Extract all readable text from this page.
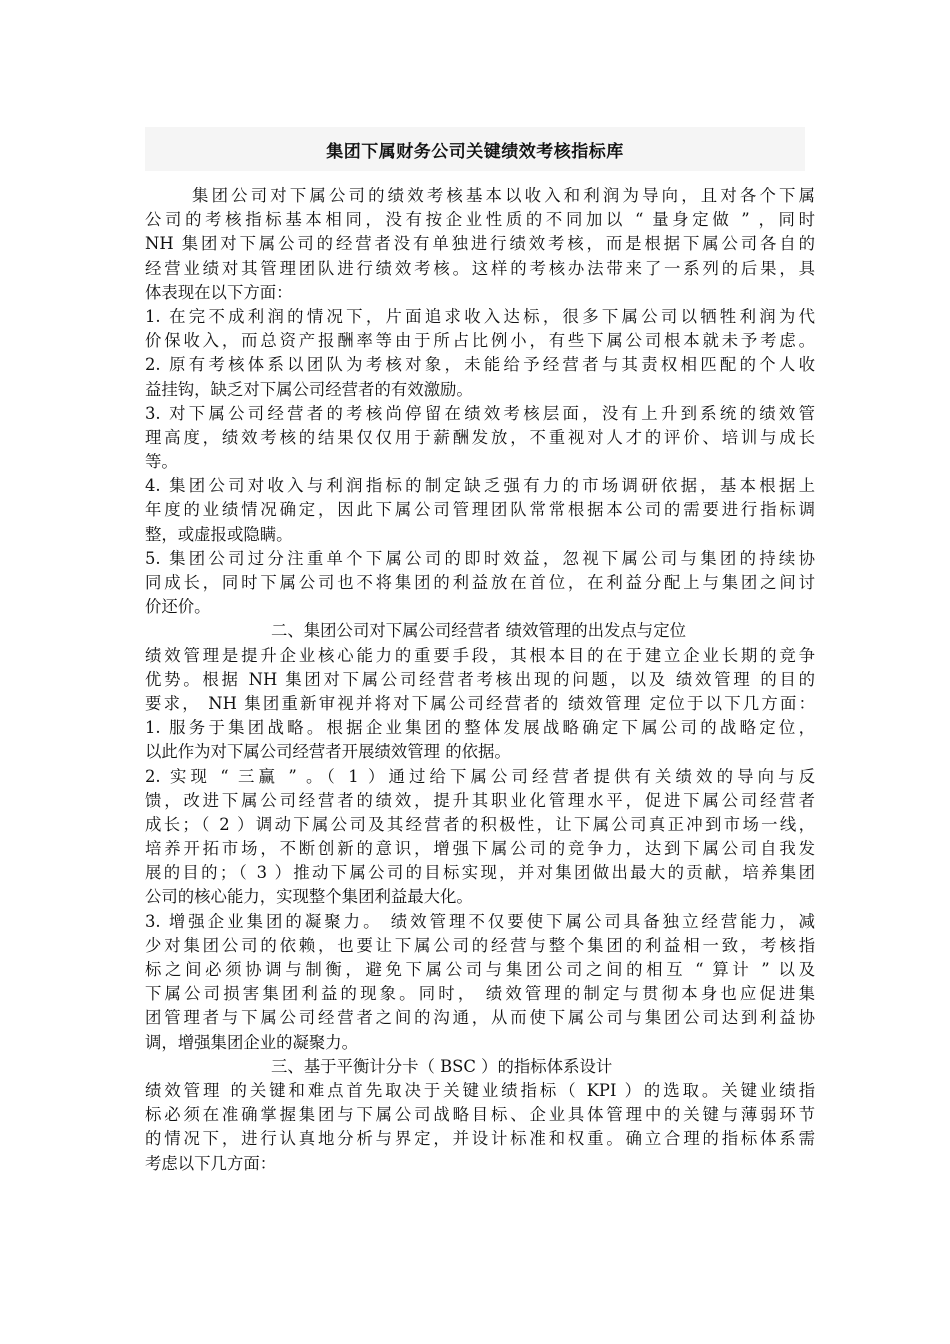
集团下属财务公司关键绩效考核指标库
集团公司对下属公司的绩效考核基本以收入和利润为导向，且对各个下属
公司的考核指标基本相同，没有按企业性质的不同加以 “ 量身定做 ” ，同时
NH 集团对下属公司的经营者没有单独进行绩效考核，而是根据下属公司各自的
经营业绩对其管理团队进行绩效考核。这样的考核办法带来了一系列的后果，具
体表现在以下方面：
1. 在完不成利润的情况下，片面追求收入达标，很多下属公司以牺牲利润为代
价保收入，而总资产报酬率等由于所占比例小，有些下属公司根本就未予考虑。
2. 原有考核体系以团队为考核对象，未能给予经营者与其责权相匹配的个人收
益挂钩，缺乏对下属公司经营者的有效激励。
3. 对下属公司经营者的考核尚停留在绩效考核层面，没有上升到系统的绩效管
理高度，绩效考核的结果仅仅用于薪酬发放，不重视对人才的评价、培训与成长
等。
4. 集团公司对收入与利润指标的制定缺乏强有力的市场调研依据，基本根据上
年度的业绩情况确定，因此下属公司管理团队常常根据本公司的需要进行指标调
整，或虚报或隐瞒。
5. 集团公司过分注重单个下属公司的即时效益，忽视下属公司与集团的持续协
同成长，同时下属公司也不将集团的利益放在首位，在利益分配上与集团之间讨
价还价。
二、集团公司对下属公司经营者 绩效管理的出发点与定位
绩效管理是提升企业核心能力的重要手段，其根本目的在于建立企业长期的竞争
优势。根据 NH 集团对下属公司经营者考核出现的问题，以及 绩效管理 的目的
要求， NH 集团重新审视并将对下属公司经营者的 绩效管理 定位于以下几方面：
1. 服务于集团战略。根据企业集团的整体发展战略确定下属公司的战略定位，
以此作为对下属公司经营者开展绩效管理 的依据。
2. 实现 “ 三赢 ” 。（ 1 ）通过给下属公司经营者提供有关绩效的导向与反
馈，改进下属公司经营者的绩效，提升其职业化管理水平，促进下属公司经营者
成长；（ 2 ）调动下属公司及其经营者的积极性，让下属公司真正冲到市场一线，
培养开拓市场，不断创新的意识，增强下属公司的竞争力，达到下属公司自我发
展的目的；（ 3 ）推动下属公司的目标实现，并对集团做出最大的贡献，培养集团
公司的核心能力，实现整个集团利益最大化。
3. 增强企业集团的凝聚力。 绩效管理不仅要使下属公司具备独立经营能力，减
少对集团公司的依赖，也要让下属公司的经营与整个集团的利益相一致，考核指
标之间必须协调与制衡，避免下属公司与集团公司之间的相互 “ 算计 ” 以及
下属公司损害集团利益的现象。同时， 绩效管理的制定与贯彻本身也应促进集
团管理者与下属公司经营者之间的沟通，从而使下属公司与集团公司达到利益协
调，增强集团企业的凝聚力。
三、基于平衡计分卡（ BSC ）的指标体系设计
绩效管理 的关键和难点首先取决于关键业绩指标（ KPI ）的选取。关键业绩指
标必须在准确掌握集团与下属公司战略目标、企业具体管理中的关键与薄弱环节
的情况下，进行认真地分析与界定，并设计标准和权重。确立合理的指标体系需
考虑以下几方面：
